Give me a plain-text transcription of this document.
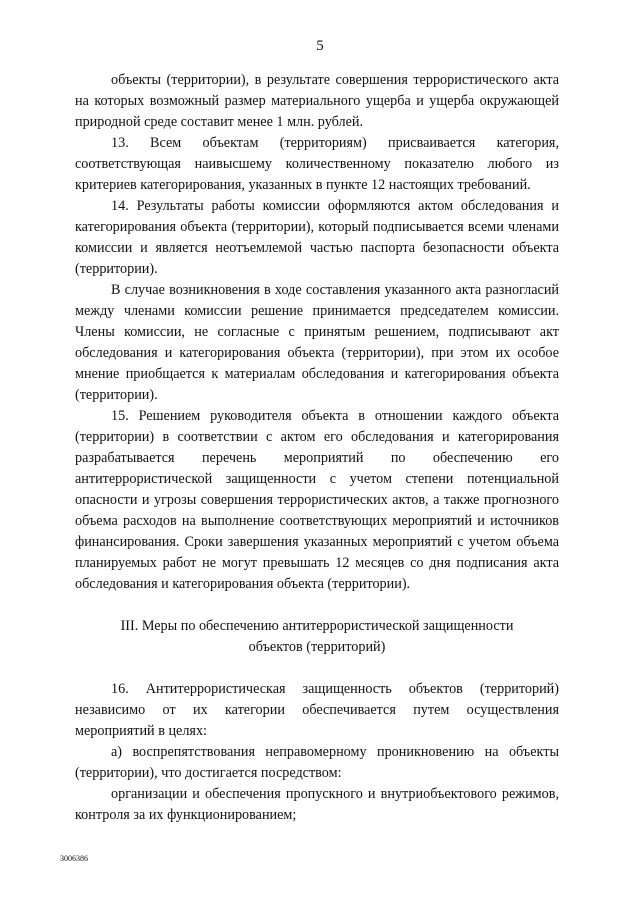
5

объекты (территории), в результате совершения террористического акта на которых возможный размер материального ущерба и ущерба окружающей природной среде составит менее 1 млн. рублей.

13. Всем объектам (территориям) присваивается категория, соответствующая наивысшему количественному показателю любого из критериев категорирования, указанных в пункте 12 настоящих требований.

14. Результаты работы комиссии оформляются актом обследования и категорирования объекта (территории), который подписывается всеми членами комиссии и является неотъемлемой частью паспорта безопасности объекта (территории).

В случае возникновения в ходе составления указанного акта разногласий между членами комиссии решение принимается председателем комиссии. Члены комиссии, не согласные с принятым решением, подписывают акт обследования и категорирования объекта (территории), при этом их особое мнение приобщается к материалам обследования и категорирования объекта (территории).

15. Решением руководителя объекта в отношении каждого объекта (территории) в соответствии с актом его обследования и категорирования разрабатывается перечень мероприятий по обеспечению его антитеррористической защищенности с учетом степени потенциальной опасности и угрозы совершения террористических актов, а также прогнозного объема расходов на выполнение соответствующих мероприятий и источников финансирования. Сроки завершения указанных мероприятий с учетом объема планируемых работ не могут превышать 12 месяцев со дня подписания акта обследования и категорирования объекта (территории).

III. Меры по обеспечению антитеррористической защищенности

объектов (территорий)

16. Антитеррористическая защищенность объектов (территорий) независимо от их категории обеспечивается путем осуществления мероприятий в целях:

а) воспрепятствования неправомерному проникновению на объекты (территории), что достигается посредством:

организации и обеспечения пропускного и внутриобъектового режимов, контроля за их функционированием;

3006386
